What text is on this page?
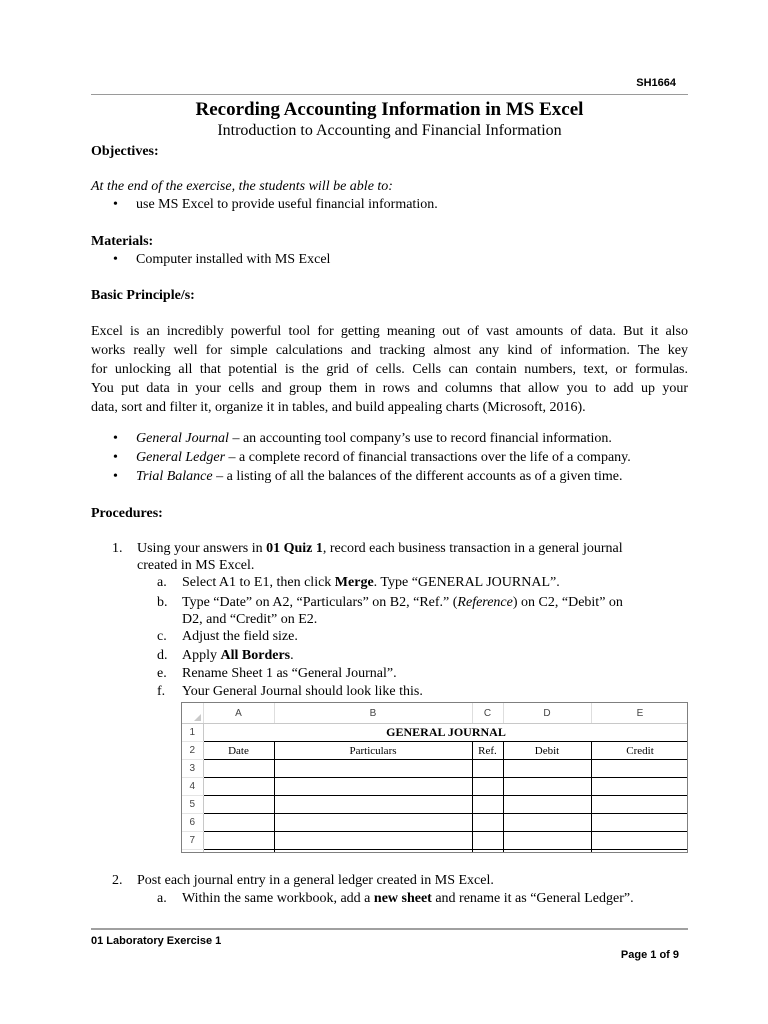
SH1664
Recording Accounting Information in MS Excel
Introduction to Accounting and Financial Information
Objectives:
At the end of the exercise, the students will be able to:
• use MS Excel to provide useful financial information.
Materials:
• Computer installed with MS Excel
Basic Principle/s:
Excel is an incredibly powerful tool for getting meaning out of vast amounts of data. But it also
works really well for simple calculations and tracking almost any kind of information. The key
for unlocking all that potential is the grid of cells. Cells can contain numbers, text, or formulas.
You put data in your cells and group them in rows and columns that allow you to add up your
data, sort and filter it, organize it in tables, and build appealing charts (Microsoft, 2016).
• General Journal – an accounting tool company’s use to record financial information.
• General Ledger – a complete record of financial transactions over the life of a company.
• Trial Balance – a listing of all the balances of the different accounts as of a given time.
Procedures:
1. Using your answers in 01 Quiz 1, record each business transaction in a general journal
created in MS Excel.
a. Select A1 to E1, then click Merge. Type “GENERAL JOURNAL”.
b. Type “Date” on A2, “Particulars” on B2, “Ref.” (Reference) on C2, “Debit” on
D2, and “Credit” on E2.
c. Adjust the field size.
d. Apply All Borders.
e. Rename Sheet 1 as “General Journal”.
f. Your General Journal should look like this.
	A	B	C	D	E
1	GENERAL JOURNAL				
2	Date	Particulars	Ref.	Debit	Credit
3					
4					
5					
6					
7					

2. Post each journal entry in a general ledger created in MS Excel.
a. Within the same workbook, add a new sheet and rename it as “General Ledger”.
01 Laboratory Exercise 1
Page 1 of 9
